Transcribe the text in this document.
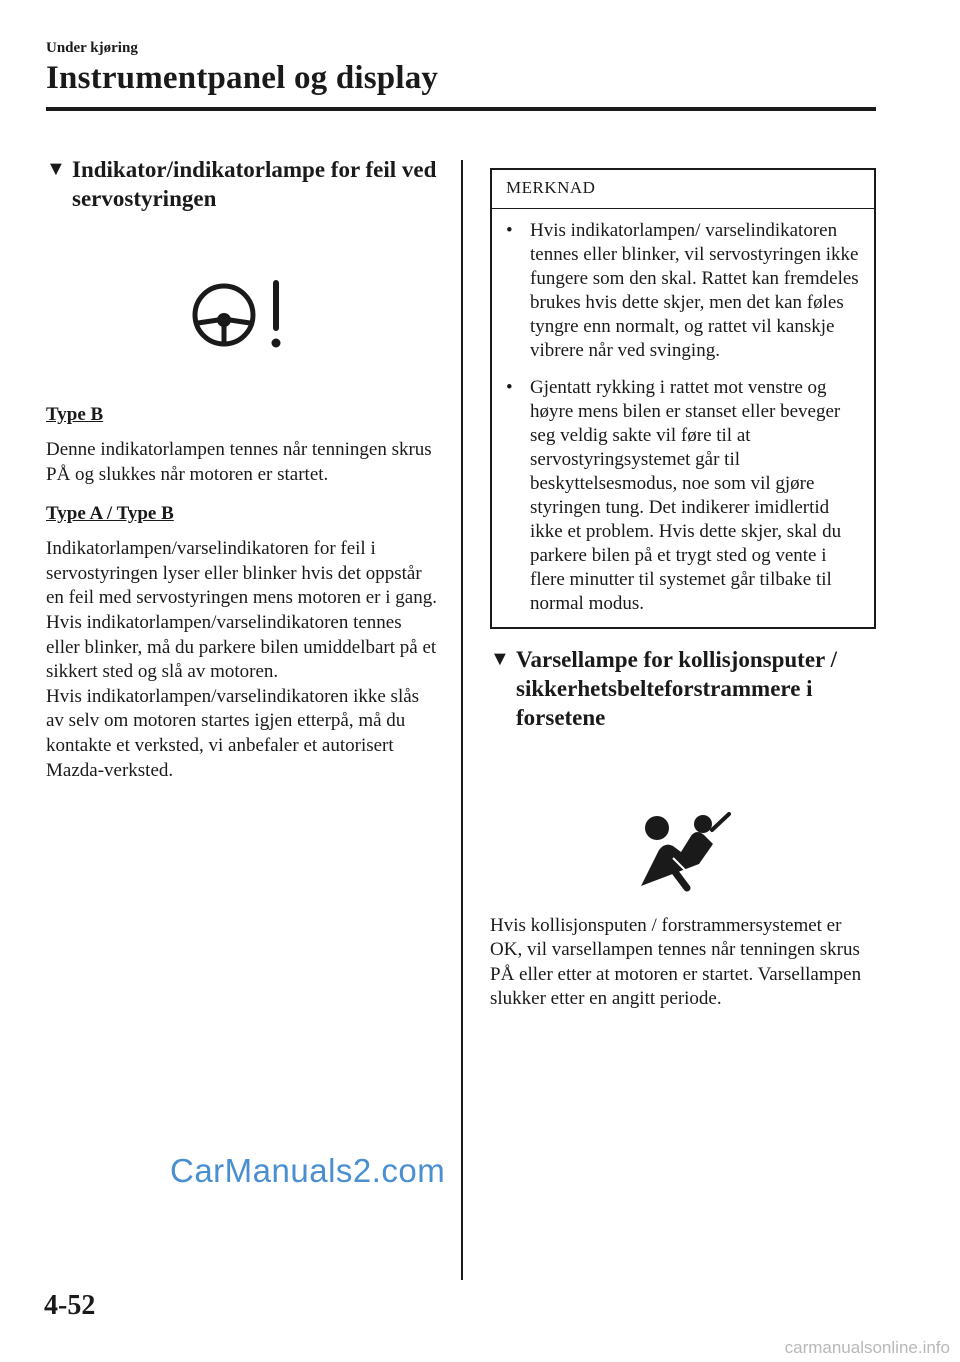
Under kjøring
Instrumentpanel og display
▼ Indikator/indikatorlampe for feil ved servostyringen

Type B

Denne indikatorlampen tennes når tenningen skrus PÅ og slukkes når motoren er startet.

Type A / Type B

Indikatorlampen/varselindikatoren for feil i servostyringen lyser eller blinker hvis det oppstår en feil med servostyringen mens motoren er i gang.

Hvis indikatorlampen/varselindikatoren tennes eller blinker, må du parkere bilen umiddelbart på et sikkert sted og slå av motoren.

Hvis indikatorlampen/varselindikatoren ikke slås av selv om motoren startes igjen etterpå, må du kontakte et verksted, vi anbefaler et autorisert Mazda-verksted.

MERKNAD
• Hvis indikatorlampen/ varselindikatoren tennes eller blinker, vil servostyringen ikke fungere som den skal. Rattet kan fremdeles brukes hvis dette skjer, men det kan føles tyngre enn normalt, og rattet vil kanskje vibrere når ved svinging.
• Gjentatt rykking i rattet mot venstre og høyre mens bilen er stanset eller beveger seg veldig sakte vil føre til at servostyringsystemet går til beskyttelsesmodus, noe som vil gjøre styringen tung. Det indikerer imidlertid ikke et problem. Hvis dette skjer, skal du parkere bilen på et trygt sted og vente i flere minutter til systemet går tilbake til normal modus.
▼ Varsellampe for kollisjonsputer / sikkerhetsbelteforstrammere i forsetene

Hvis kollisjonsputen / forstrammersystemet er OK, vil varsellampen tennes når tenningen skrus PÅ eller etter at motoren er startet. Varsellampen slukker etter en angitt periode.

CarManuals2.com
carmanualsonline.info
4-52
